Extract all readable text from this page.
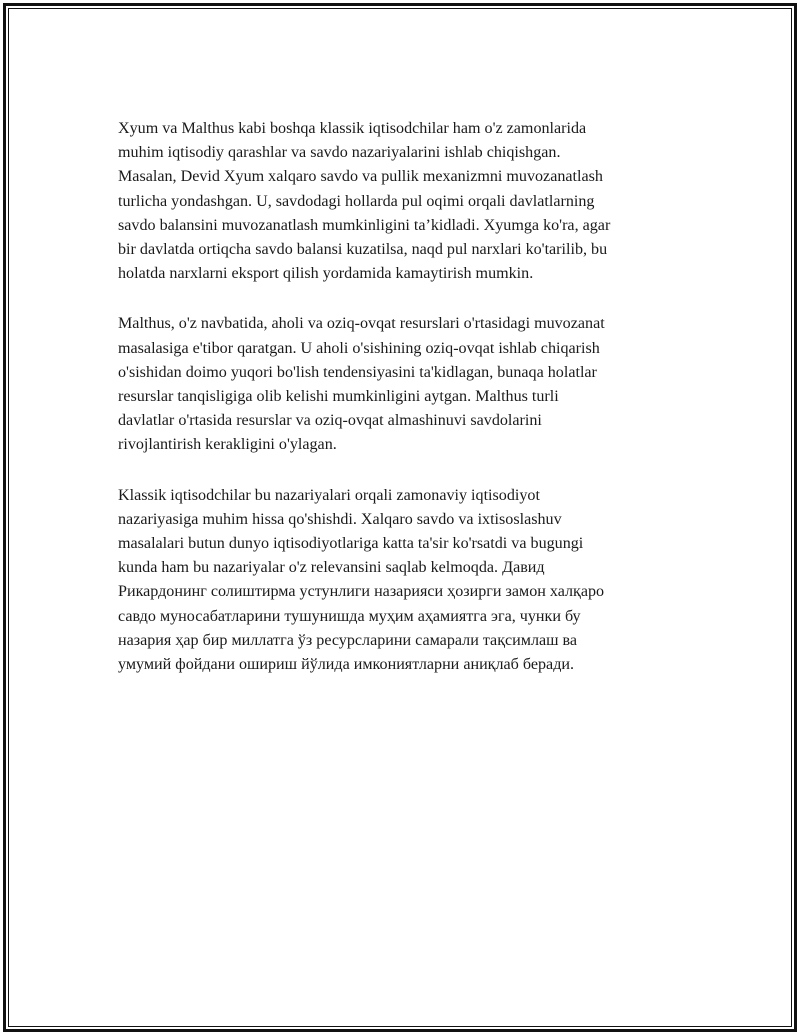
Xyum va Malthus kabi boshqa klassik iqtisodchilar ham o'z zamonlarida
muhim iqtisodiy qarashlar va savdo nazariyalarini ishlab chiqishgan.
Masalan, Devid Xyum xalqaro savdo va pullik mexanizmni muvozanatlash
turlicha yondashgan. U, savdodagi hollarda pul oqimi orqali davlatlarning
savdo balansini muvozanatlash mumkinligini ta’kidladi. Xyumga ko'ra, agar
bir davlatda ortiqcha savdo balansi kuzatilsa, naqd pul narxlari ko'tarilib, bu
holatda narxlarni eksport qilish yordamida kamaytirish mumkin.

Malthus, o'z navbatida, aholi va oziq-ovqat resurslari o'rtasidagi muvozanat
masalasiga e'tibor qaratgan. U aholi o'sishining oziq-ovqat ishlab chiqarish
o'sishidan doimo yuqori bo'lish tendensiyasini ta'kidlagan, bunaqa holatlar
resurslar tanqisligiga olib kelishi mumkinligini aytgan. Malthus turli
davlatlar o'rtasida resurslar va oziq-ovqat almashinuvi savdolarini
rivojlantirish kerakligini o'ylagan.

Klassik iqtisodchilar bu nazariyalari orqali zamonaviy iqtisodiyot
nazariyasiga muhim hissa qo'shishdi. Xalqaro savdo va ixtisoslashuv
masalalari butun dunyo iqtisodiyotlariga katta ta'sir ko'rsatdi va bugungi
kunda ham bu nazariyalar o'z relevansini saqlab kelmoqda. Давид
Рикардонинг солиштирма устунлиги назарияси ҳозирги замон халқаро
савдо муносабатларини тушунишда муҳим аҳамиятга эга, чунки бу
назария ҳар бир миллатга ўз ресурсларини самарали тақсимлаш ва
умумий фойдани ошириш йўлида имкониятларни аниқлаб беради.
